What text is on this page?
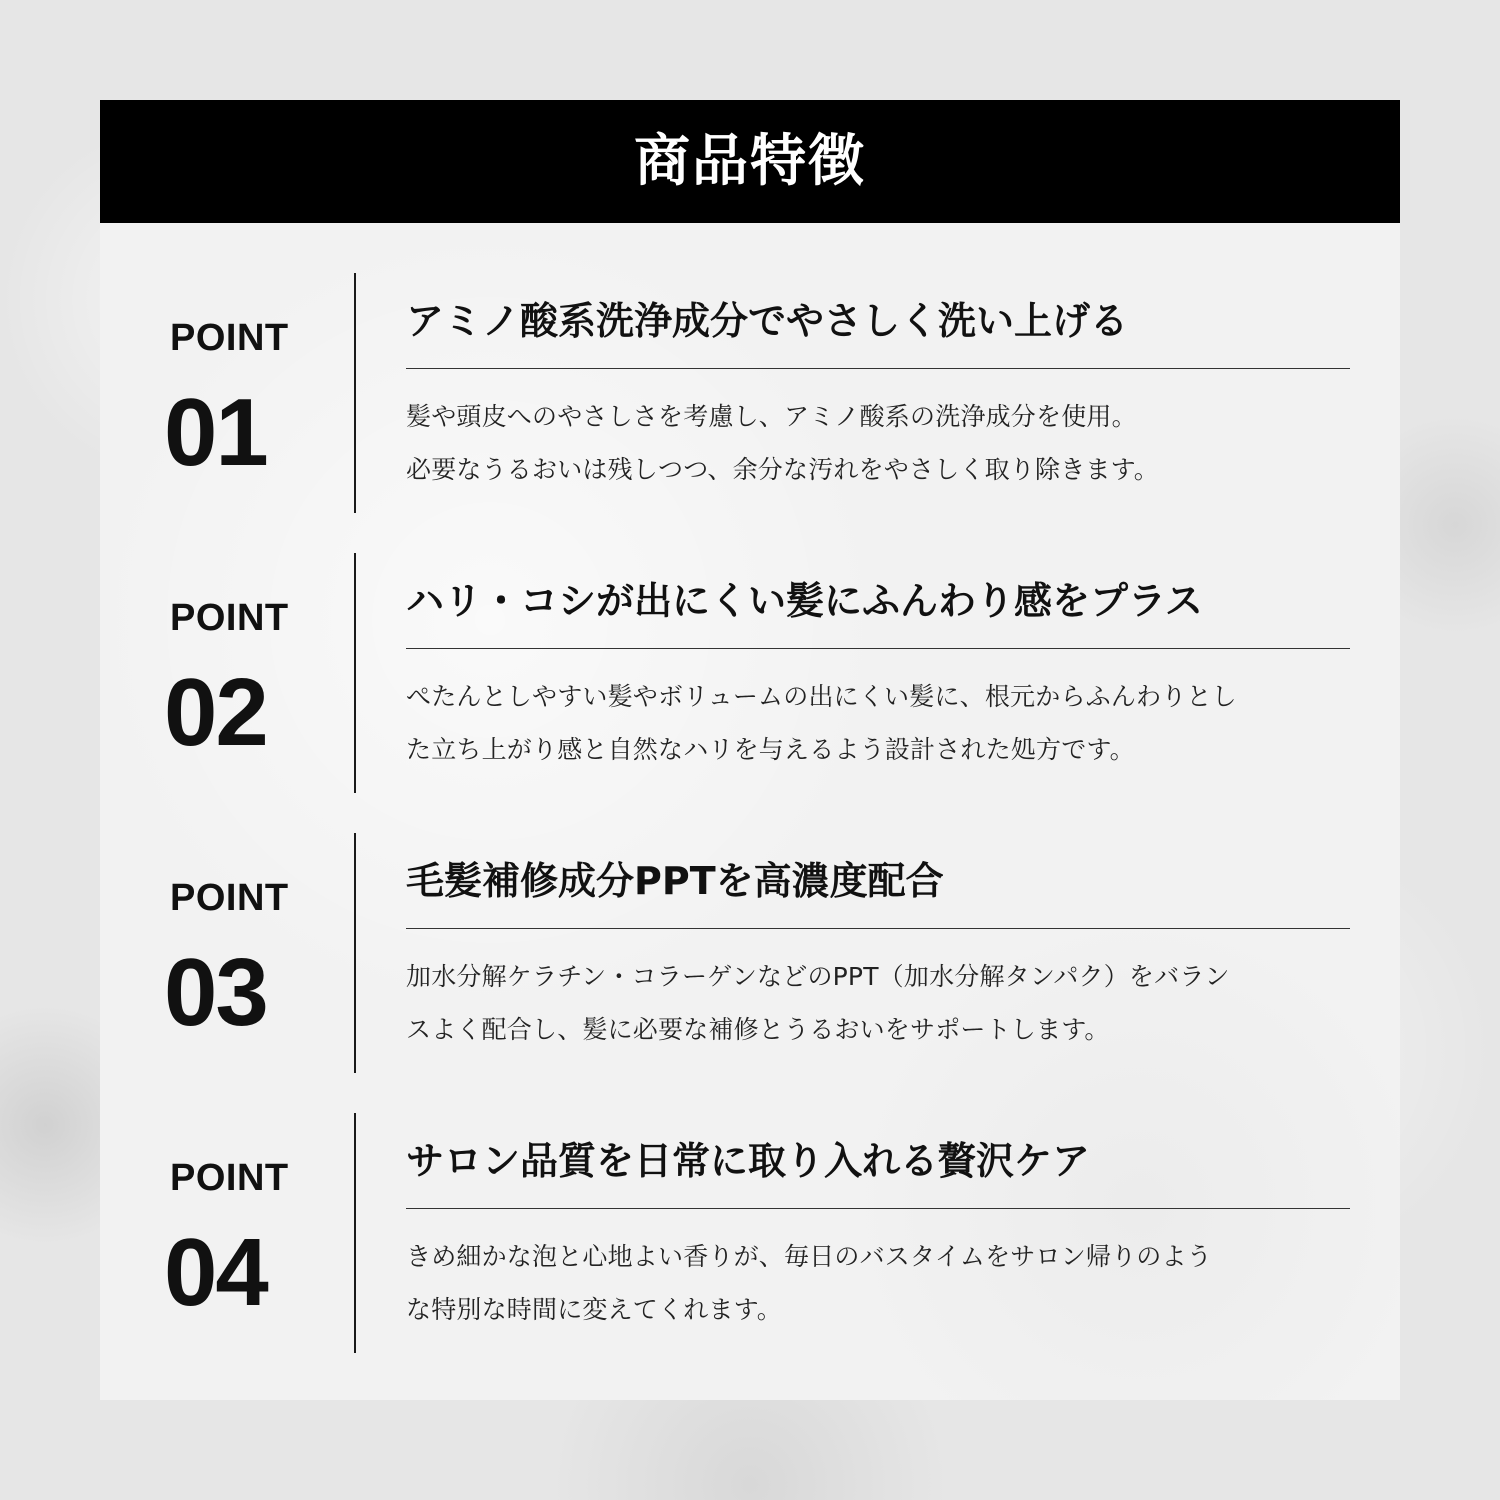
商品特徴
POINT
01
アミノ酸系洗浄成分でやさしく洗い上げる
髪や頭皮へのやさしさを考慮し、アミノ酸系の洗浄成分を使用。
必要なうるおいは残しつつ、余分な汚れをやさしく取り除きます。
POINT
02
ハリ・コシが出にくい髪にふんわり感をプラス
ぺたんとしやすい髪やボリュームの出にくい髪に、根元からふんわりとし
た立ち上がり感と自然なハリを与えるよう設計された処方です。
POINT
03
毛髪補修成分PPTを高濃度配合
加水分解ケラチン・コラーゲンなどのPPT（加水分解タンパク）をバラン
スよく配合し、髪に必要な補修とうるおいをサポートします。
POINT
04
サロン品質を日常に取り入れる贅沢ケア
きめ細かな泡と心地よい香りが、毎日のバスタイムをサロン帰りのよう
な特別な時間に変えてくれます。
